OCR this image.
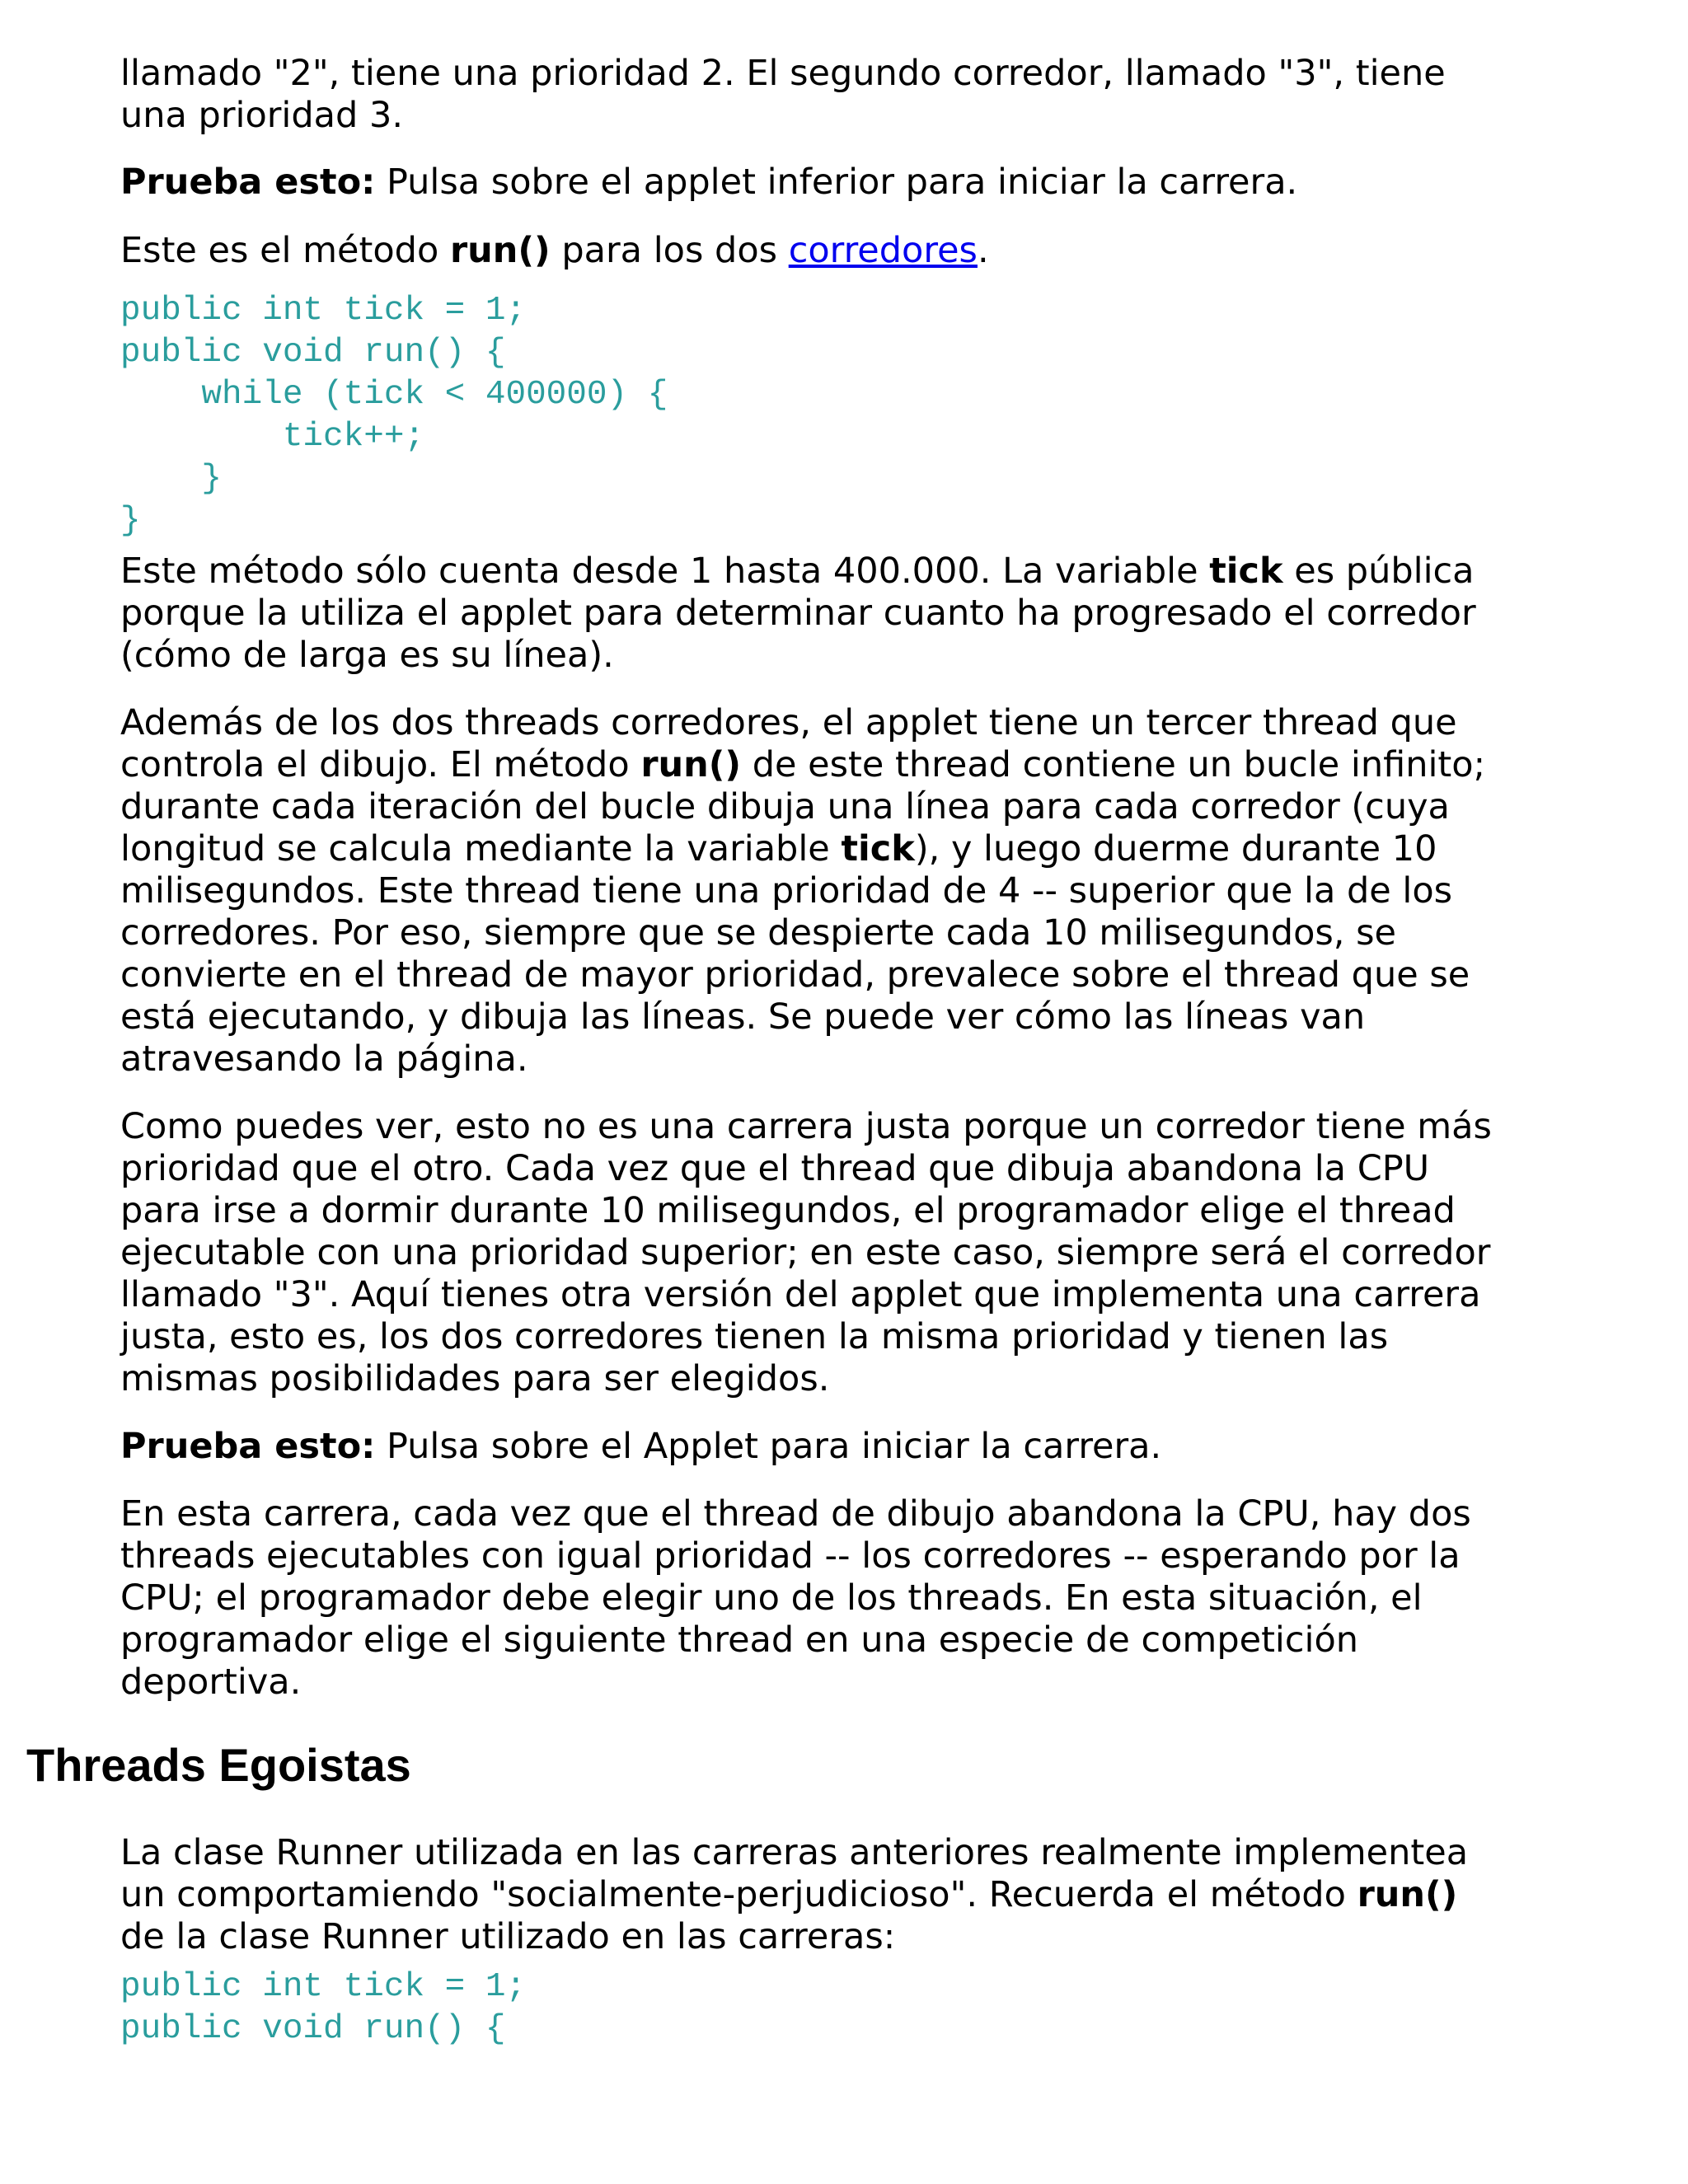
llamado "2", tiene una prioridad 2. El segundo corredor, llamado "3", tiene

una prioridad 3.

Prueba esto: Pulsa sobre el applet inferior para iniciar la carrera.

Este es el método run() para los dos corredores.

public int tick = 1;
public void run() {
while (tick < 400000) {
tick++;
}
}

Este método sólo cuenta desde 1 hasta 400.000. La variable tick es pública

porque la utiliza el applet para determinar cuanto ha progresado el corredor

(cómo de larga es su línea).

Además de los dos threads corredores, el applet tiene un tercer thread que

controla el dibujo. El método run() de este thread contiene un bucle infinito;

durante cada iteración del bucle dibuja una línea para cada corredor (cuya

longitud se calcula mediante la variable tick), y luego duerme durante 10

milisegundos. Este thread tiene una prioridad de 4 -- superior que la de los

corredores. Por eso, siempre que se despierte cada 10 milisegundos, se

convierte en el thread de mayor prioridad, prevalece sobre el thread que se

está ejecutando, y dibuja las líneas. Se puede ver cómo las líneas van

atravesando la página.

Como puedes ver, esto no es una carrera justa porque un corredor tiene más

prioridad que el otro. Cada vez que el thread que dibuja abandona la CPU

para irse a dormir durante 10 milisegundos, el programador elige el thread

ejecutable con una prioridad superior; en este caso, siempre será el corredor

llamado "3". Aquí tienes otra versión del applet que implementa una carrera

justa, esto es, los dos corredores tienen la misma prioridad y tienen las

mismas posibilidades para ser elegidos.

Prueba esto: Pulsa sobre el Applet para iniciar la carrera.

En esta carrera, cada vez que el thread de dibujo abandona la CPU, hay dos

threads ejecutables con igual prioridad -- los corredores -- esperando por la

CPU; el programador debe elegir uno de los threads. En esta situación, el

programador elige el siguiente thread en una especie de competición

deportiva.

Threads Egoistas

La clase Runner utilizada en las carreras anteriores realmente implementea

un comportamiendo "socialmente-perjudicioso". Recuerda el método run()

de la clase Runner utilizado en las carreras:

public int tick = 1;
public void run() {
